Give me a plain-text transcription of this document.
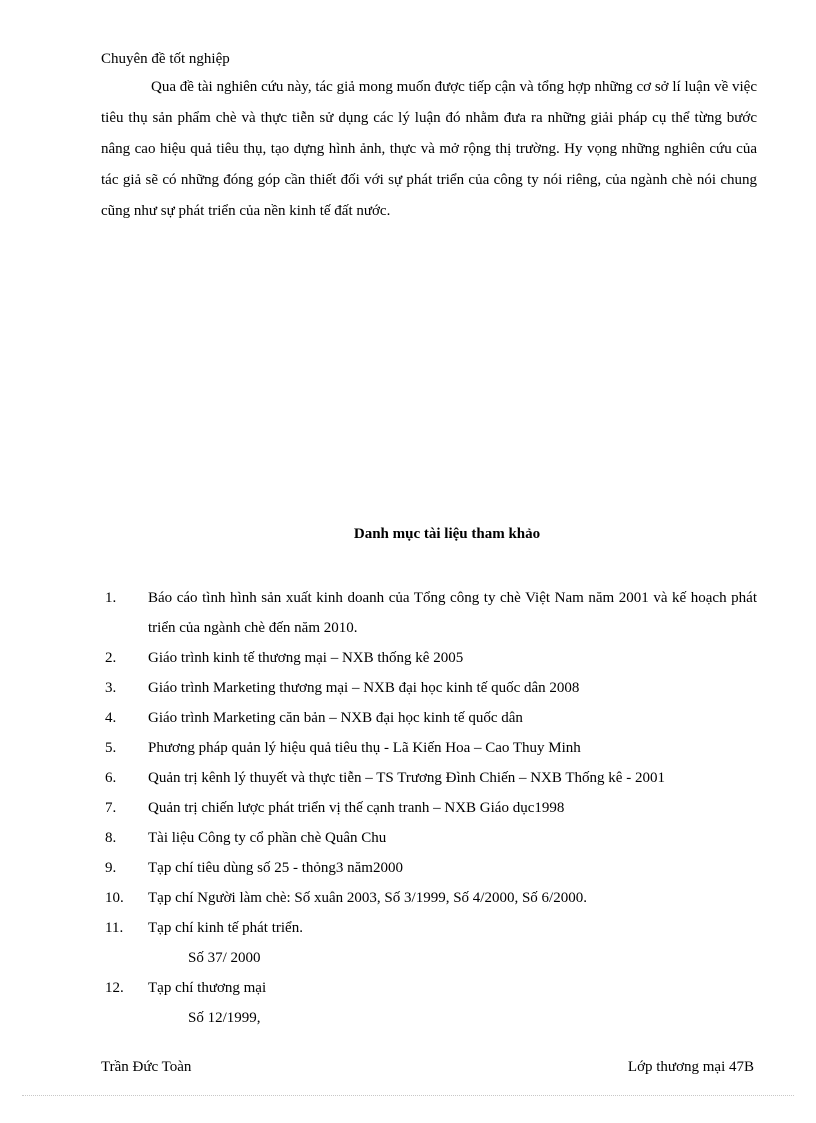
Chuyên đề tốt nghiệp

Qua đề tài nghiên cứu này, tác giả mong muốn được tiếp cận và tổng hợp những cơ sở lí luận về việc tiêu thụ sản phẩm chè và thực tiễn sử dụng các lý luận đó nhằm đưa ra những giải pháp cụ thể từng bước nâng cao hiệu quả tiêu thụ, tạo dựng hình ảnh, thực và mở rộng thị trường. Hy vọng những nghiên cứu của tác giả sẽ có những đóng góp cần thiết đối với sự phát triển của công ty nói riêng, của ngành chè nói chung cũng như sự phát triển của nền kinh tế đất nước.

Danh mục tài liệu tham khảo
1.	Báo cáo tình hình sản xuất kinh doanh của Tổng công ty chè Việt Nam năm 2001 và kế hoạch phát triển của ngành chè đến năm 2010.
2.	Giáo trình kinh tế thương mại – NXB thống kê 2005
3.	Giáo trình Marketing thương mại – NXB đại học kinh tế quốc dân 2008
4.	Giáo trình Marketing căn bản – NXB đại học kinh tế quốc dân
5.	Phương pháp quản lý hiệu quả tiêu thụ - Lã Kiến Hoa – Cao Thuy Minh
6.	Quản trị kênh lý thuyết và thực tiễn – TS Trương Đình Chiến – NXB Thống kê - 2001
7.	Quản trị chiến lược phát triển vị thế cạnh tranh – NXB Giáo dục1998
8.	Tài liệu Công ty cổ phần chè Quân Chu
9.	Tạp chí tiêu dùng số 25 - thỏng3 năm2000
10.	Tạp chí Người làm chè: Số xuân 2003, Số 3/1999, Số 4/2000, Số 6/2000.
11.	Tạp chí kinh tế phát triển.
Số 37/ 2000
12.	Tạp chí thương mại
Số 12/1999,
Trần Đức Toàn	Lớp thương mại 47B
